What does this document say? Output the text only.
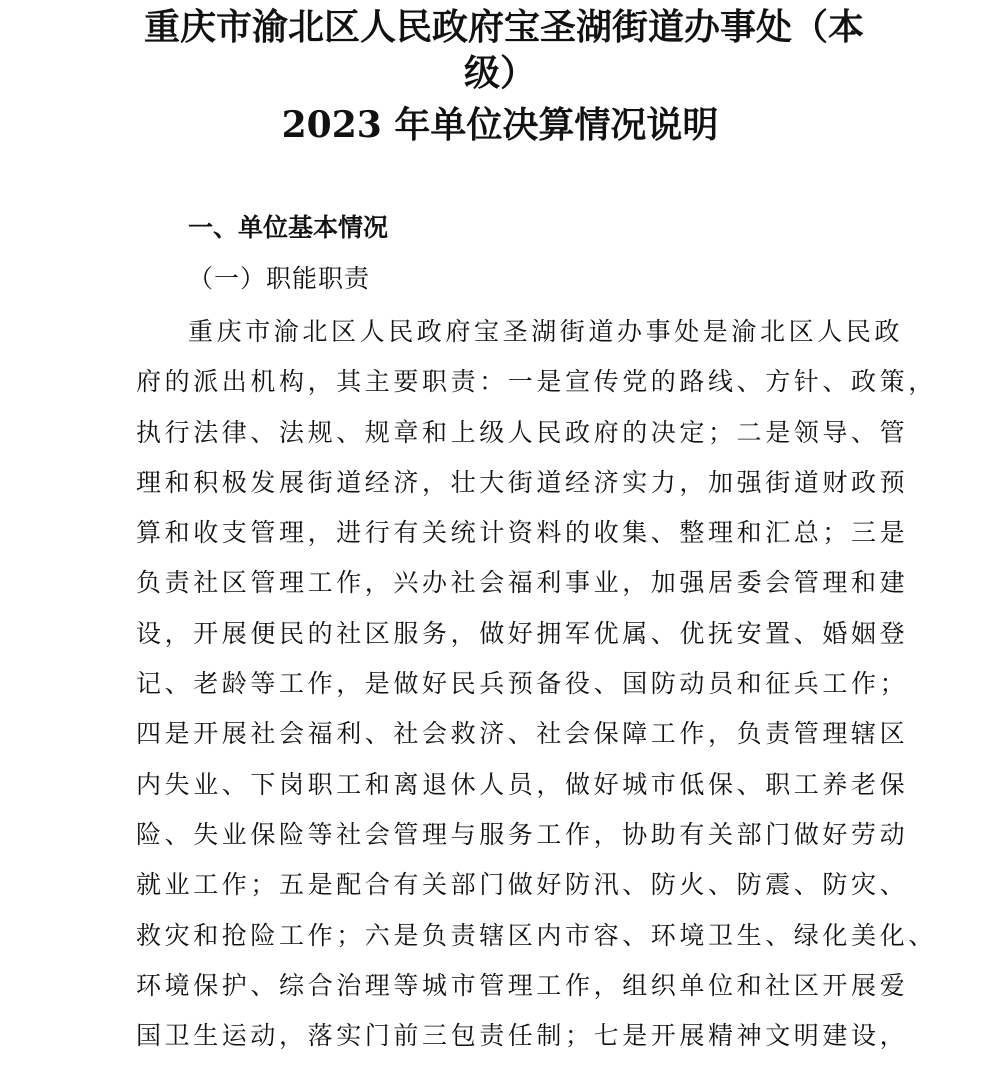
重庆市渝北区人民政府宝圣湖街道办事处（本
级）
2023 年单位决算情况说明
一、单位基本情况
（一）职能职责
重庆市渝北区人民政府宝圣湖街道办事处是渝北区人民政
府的派出机构，其主要职责：一是宣传党的路线、方针、政策，
执行法律、法规、规章和上级人民政府的决定；二是领导、管
理和积极发展街道经济，壮大街道经济实力，加强街道财政预
算和收支管理，进行有关统计资料的收集、整理和汇总；三是
负责社区管理工作，兴办社会福利事业，加强居委会管理和建
设，开展便民的社区服务，做好拥军优属、优抚安置、婚姻登
记、老龄等工作，是做好民兵预备役、国防动员和征兵工作；
四是开展社会福利、社会救济、社会保障工作，负责管理辖区
内失业、下岗职工和离退休人员，做好城市低保、职工养老保
险、失业保险等社会管理与服务工作，协助有关部门做好劳动
就业工作；五是配合有关部门做好防汛、防火、防震、防灾、
救灾和抢险工作；六是负责辖区内市容、环境卫生、绿化美化、
环境保护、综合治理等城市管理工作，组织单位和社区开展爱
国卫生运动，落实门前三包责任制；七是开展精神文明建设，
